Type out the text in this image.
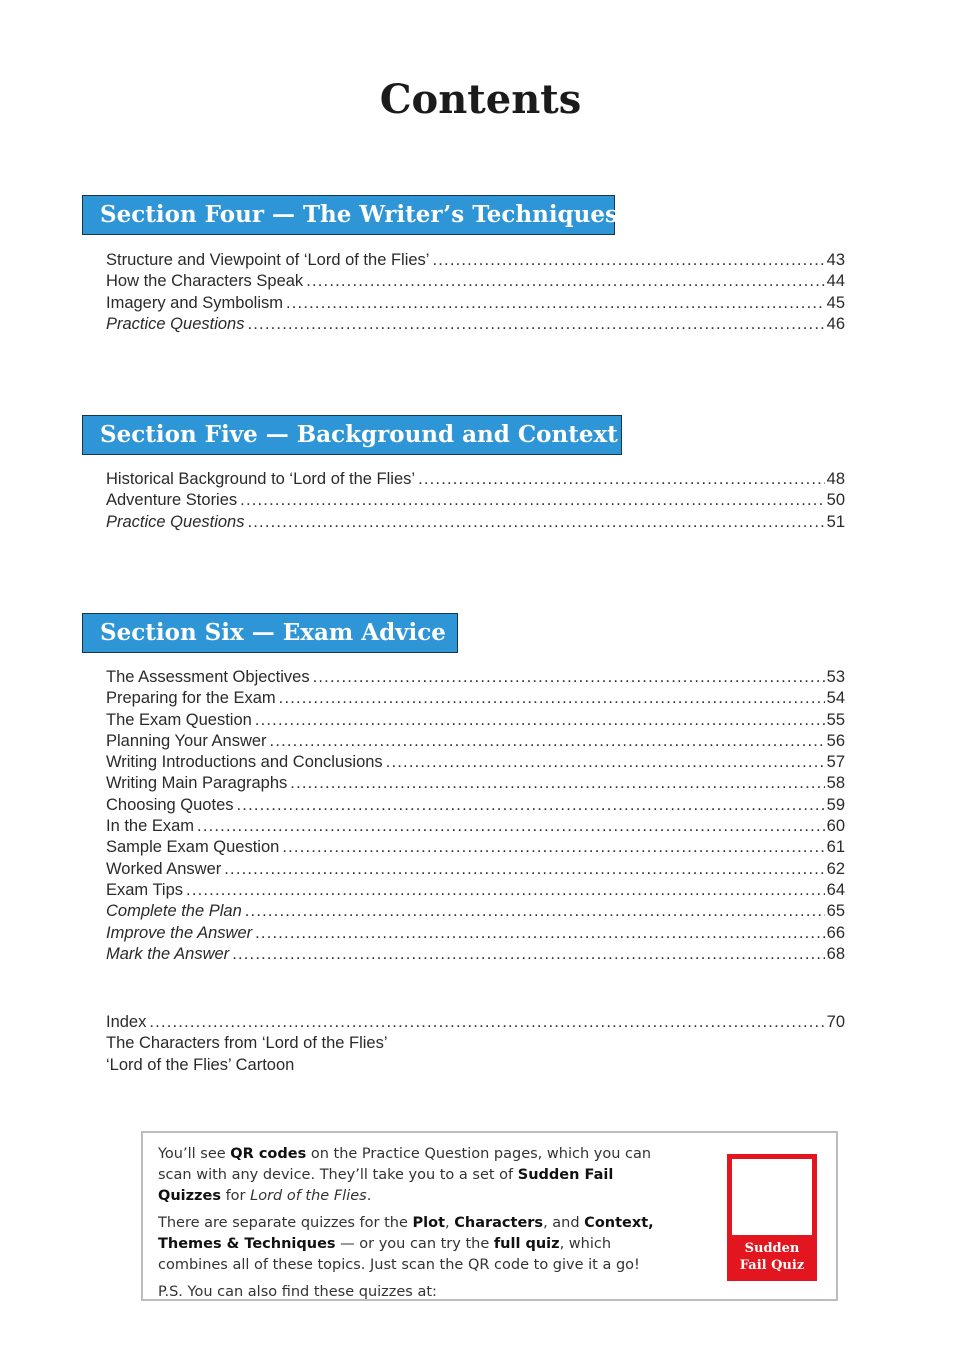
Contents
Section Four — The Writer’s Techniques
Structure and Viewpoint of ‘Lord of the Flies’ .....	43
How the Characters Speak .....	44
Imagery and Symbolism .....	45
Practice Questions .....	46
Section Five — Background and Context
Historical Background to ‘Lord of the Flies’ .....	48
Adventure Stories .....	50
Practice Questions .....	51
Section Six — Exam Advice
The Assessment Objectives .....	53
Preparing for the Exam .....	54
The Exam Question .....	55
Planning Your Answer .....	56
Writing Introductions and Conclusions .....	57
Writing Main Paragraphs .....	58
Choosing Quotes .....	59
In the Exam .....	60
Sample Exam Question .....	61
Worked Answer .....	62
Exam Tips .....	64
Complete the Plan .....	65
Improve the Answer .....	66
Mark the Answer .....	68
Index .....	70
The Characters from ‘Lord of the Flies’
‘Lord of the Flies’ Cartoon

You’ll see QR codes on the Practice Question pages, which you can scan with any device. They’ll take you to a set of Sudden Fail Quizzes for Lord of the Flies.

There are separate quizzes for the Plot, Characters, and Context, Themes & Techniques — or you can try the full quiz, which combines all of these topics. Just scan the QR code to give it a go!

P.S. You can also find these quizzes at:

Sudden
Fail Quiz
